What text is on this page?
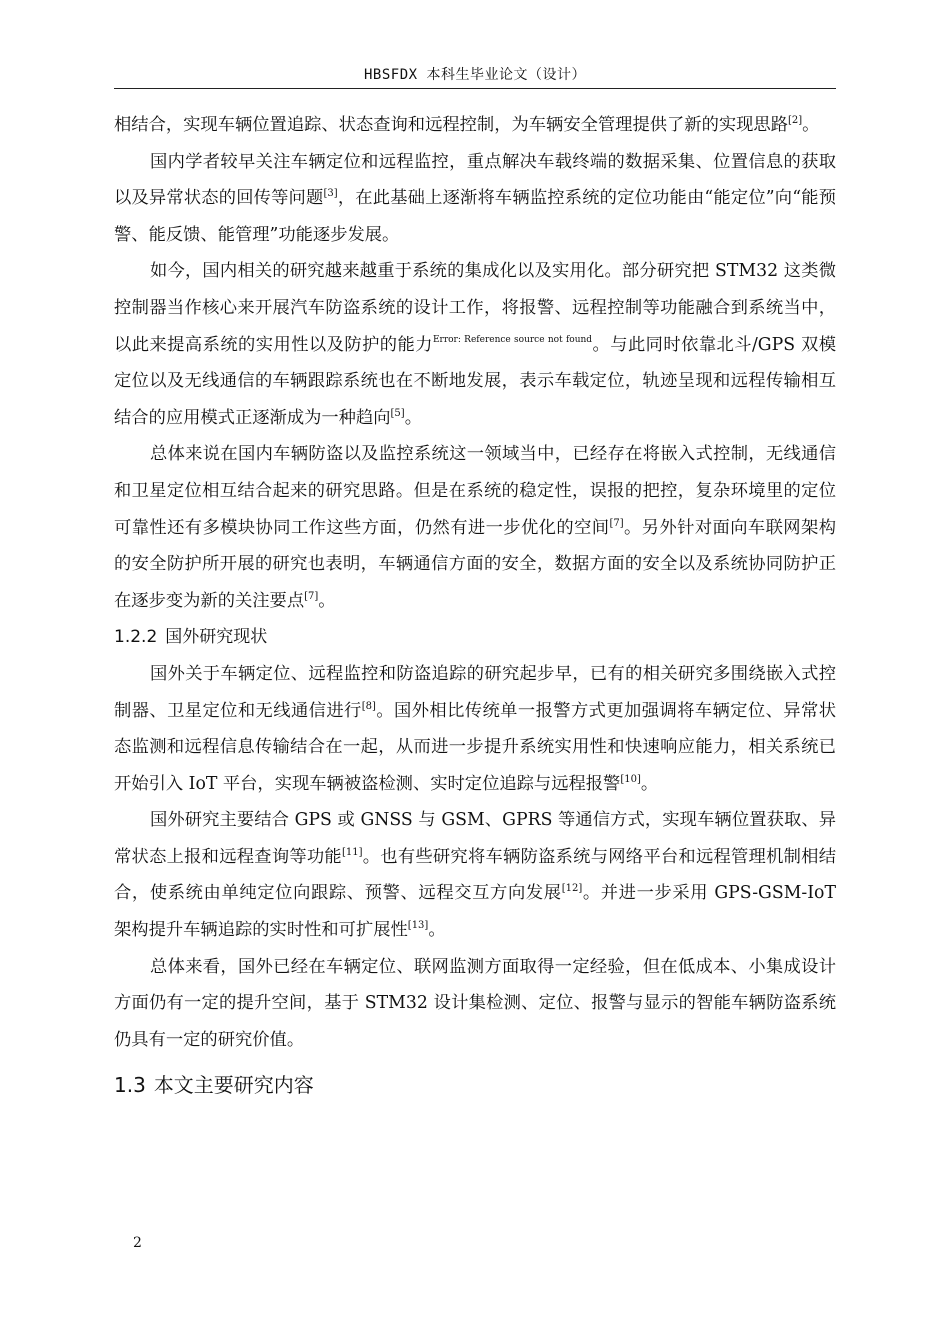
HBSFDX 本科生毕业论文（设计）

相结合，实现车辆位置追踪、状态查询和远程控制，为车辆安全管理提供了新的实现思路[2]。

国内学者较早关注车辆定位和远程监控，重点解决车载终端的数据采集、位置信息的获取以及异常状态的回传等问题[3]，在此基础上逐渐将车辆监控系统的定位功能由“能定位”向“能预警、能反馈、能管理”功能逐步发展。

如今，国内相关的研究越来越重于系统的集成化以及实用化。部分研究把 STM32 这类微控制器当作核心来开展汽车防盗系统的设计工作，将报警、远程控制等功能融合到系统当中，以此来提高系统的实用性以及防护的能力$^{Error: Reference source not found}$。与此同时依靠北斗/GPS 双模定位以及无线通信的车辆跟踪系统也在不断地发展，表示车载定位，轨迹呈现和远程传输相互结合的应用模式正逐渐成为一种趋向[5]。

总体来说在国内车辆防盗以及监控系统这一领域当中，已经存在将嵌入式控制，无线通信和卫星定位相互结合起来的研究思路。但是在系统的稳定性，误报的把控，复杂环境里的定位可靠性还有多模块协同工作这些方面，仍然有进一步优化的空间[7]。另外针对面向车联网架构的安全防护所开展的研究也表明，车辆通信方面的安全，数据方面的安全以及系统协同防护正在逐步变为新的关注要点[7]。

1.2.2 国外研究现状

国外关于车辆定位、远程监控和防盗追踪的研究起步早，已有的相关研究多围绕嵌入式控制器、卫星定位和无线通信进行[8]。国外相比传统单一报警方式更加强调将车辆定位、异常状态监测和远程信息传输结合在一起，从而进一步提升系统实用性和快速响应能力，相关系统已开始引入 IoT 平台，实现车辆被盗检测、实时定位追踪与远程报警[10]。

国外研究主要结合 GPS 或 GNSS 与 GSM、GPRS 等通信方式，实现车辆位置获取、异常状态上报和远程查询等功能[11]。也有些研究将车辆防盗系统与网络平台和远程管理机制相结合，使系统由单纯定位向跟踪、预警、远程交互方向发展[12]。并进一步采用 GPS-GSM-IoT 架构提升车辆追踪的实时性和可扩展性[13]。

总体来看，国外已经在车辆定位、联网监测方面取得一定经验，但在低成本、小集成设计方面仍有一定的提升空间，基于 STM32 设计集检测、定位、报警与显示的智能车辆防盗系统仍具有一定的研究价值。

1.3 本文主要研究内容
2
